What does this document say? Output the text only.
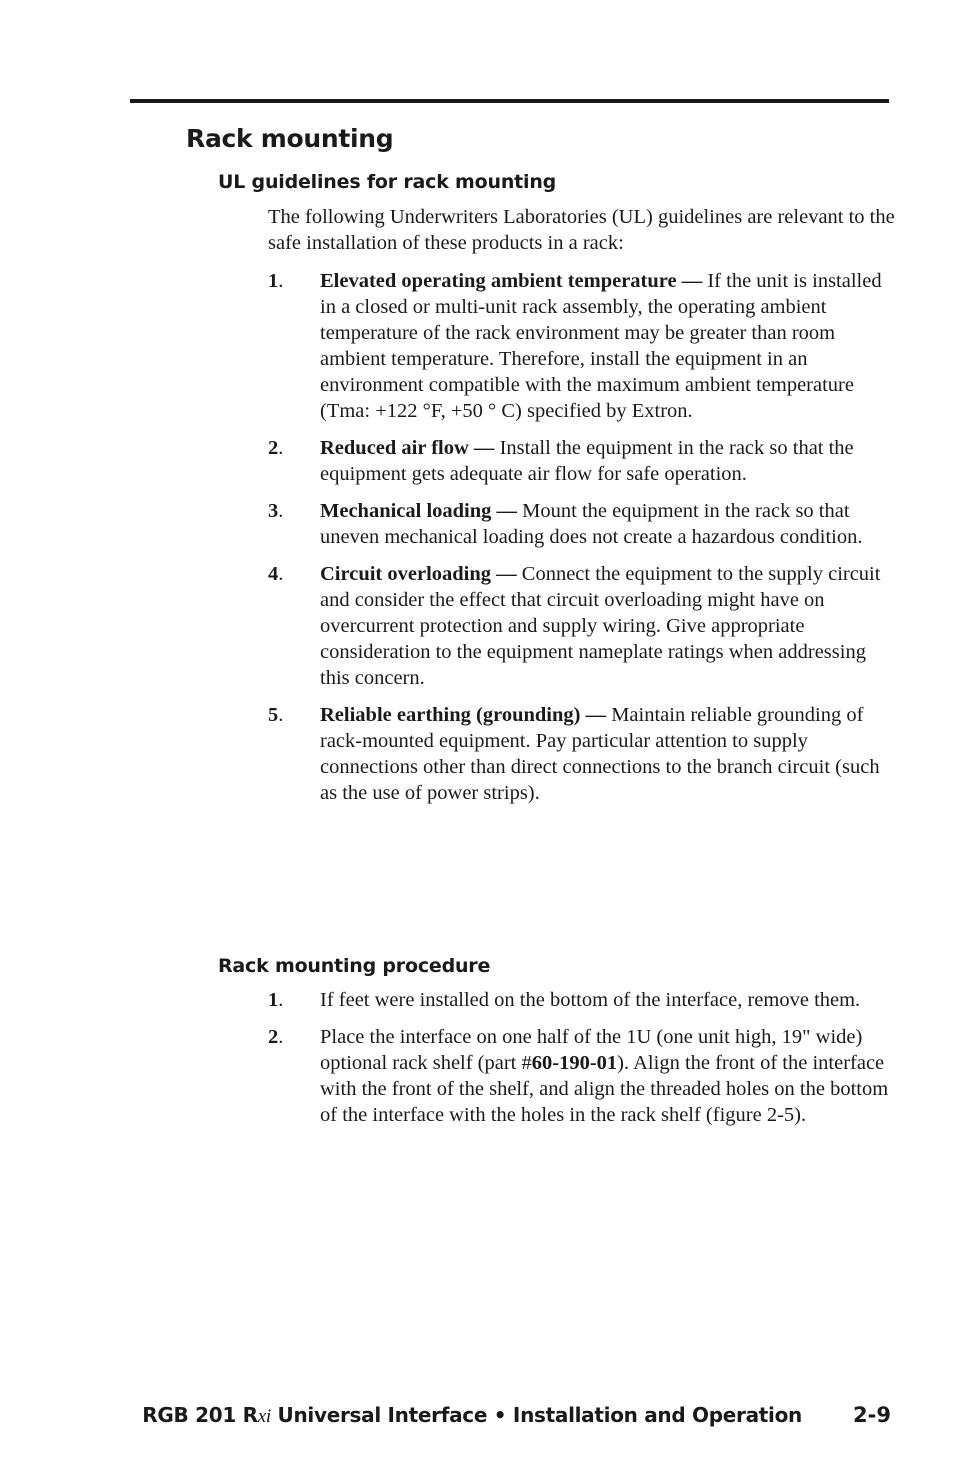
Rack mounting
UL guidelines for rack mounting

The following Underwriters Laboratories (UL) guidelines are relevant to the safe installation of these products in a rack:

1. Elevated operating ambient temperature — If the unit is installed in a closed or multi-unit rack assembly, the operating ambient temperature of the rack environment may be greater than room ambient temperature. Therefore, install the equipment in an environment compatible with the maximum ambient temperature (Tma: +122 °F, +50 ° C) specified by Extron.
2. Reduced air flow — Install the equipment in the rack so that the equipment gets adequate air flow for safe operation.
3. Mechanical loading — Mount the equipment in the rack so that uneven mechanical loading does not create a hazardous condition.
4. Circuit overloading — Connect the equipment to the supply circuit and consider the effect that circuit overloading might have on overcurrent protection and supply wiring. Give appropriate consideration to the equipment nameplate ratings when addressing this concern.
5. Reliable earthing (grounding) — Maintain reliable grounding of rack-mounted equipment. Pay particular attention to supply connections other than direct connections to the branch circuit (such as the use of power strips).
Rack mounting procedure
1. If feet were installed on the bottom of the interface, remove them.
2. Place the interface on one half of the 1U (one unit high, 19" wide) optional rack shelf (part #60-190-01). Align the front of the interface with the front of the shelf, and align the threaded holes on the bottom of the interface with the holes in the rack shelf (figure 2-5).
RGB 201 Rxi Universal Interface • Installation and Operation 2-9
